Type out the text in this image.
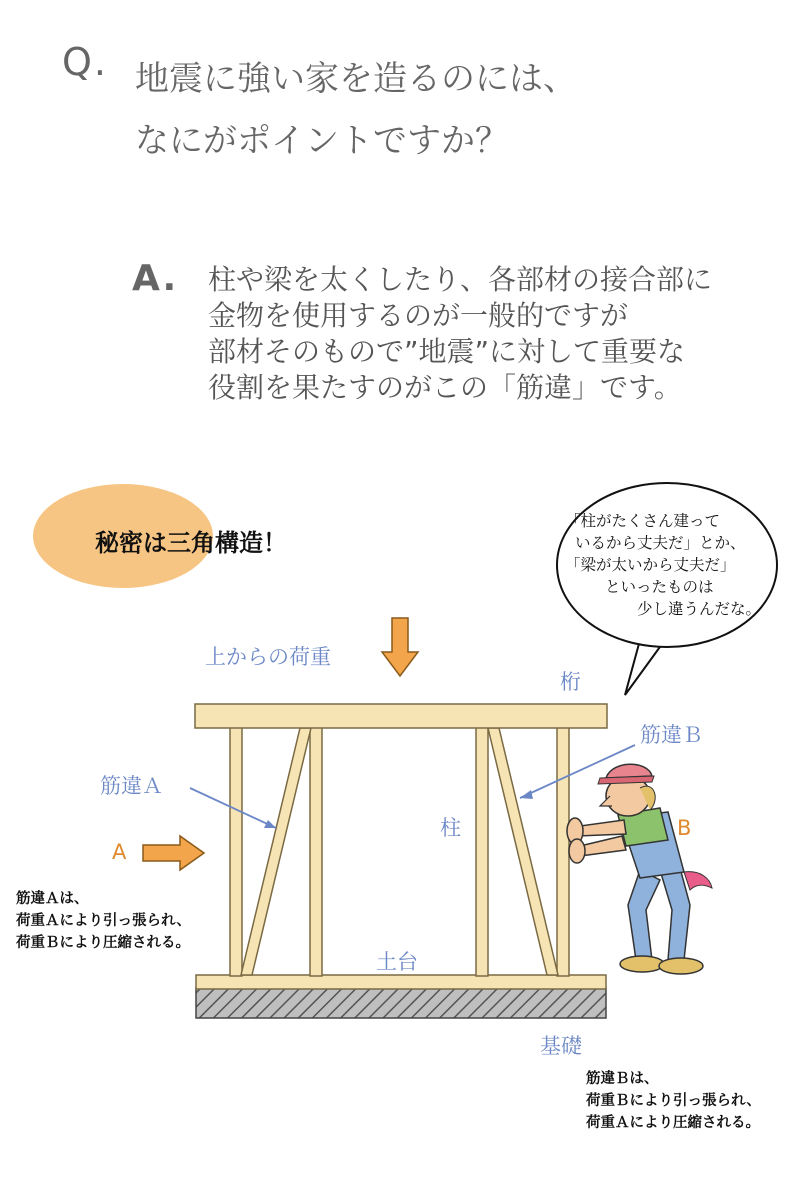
Q. 地震に強い家を造るのには、
なにがポイントですか？
A. 柱や梁を太くしたり、各部材の接合部に
金物を使用するのが一般的ですが
部材そのもので”地震”に対して重要な
役割を果たすのがこの「筋違」です。
秘密は三角構造！
「柱がたくさん建って
いるから丈夫だ」とか、
「梁が太いから丈夫だ」
といったものは
少し違うんだな。
上からの荷重
桁
筋違Ｂ
筋違Ａ
柱
土台
基礎
A
B
筋違Ａは、
荷重Ａにより引っ張られ、
荷重Ｂにより圧縮される。
筋違Ｂは、
荷重Ｂにより引っ張られ、
荷重Ａにより圧縮される。
